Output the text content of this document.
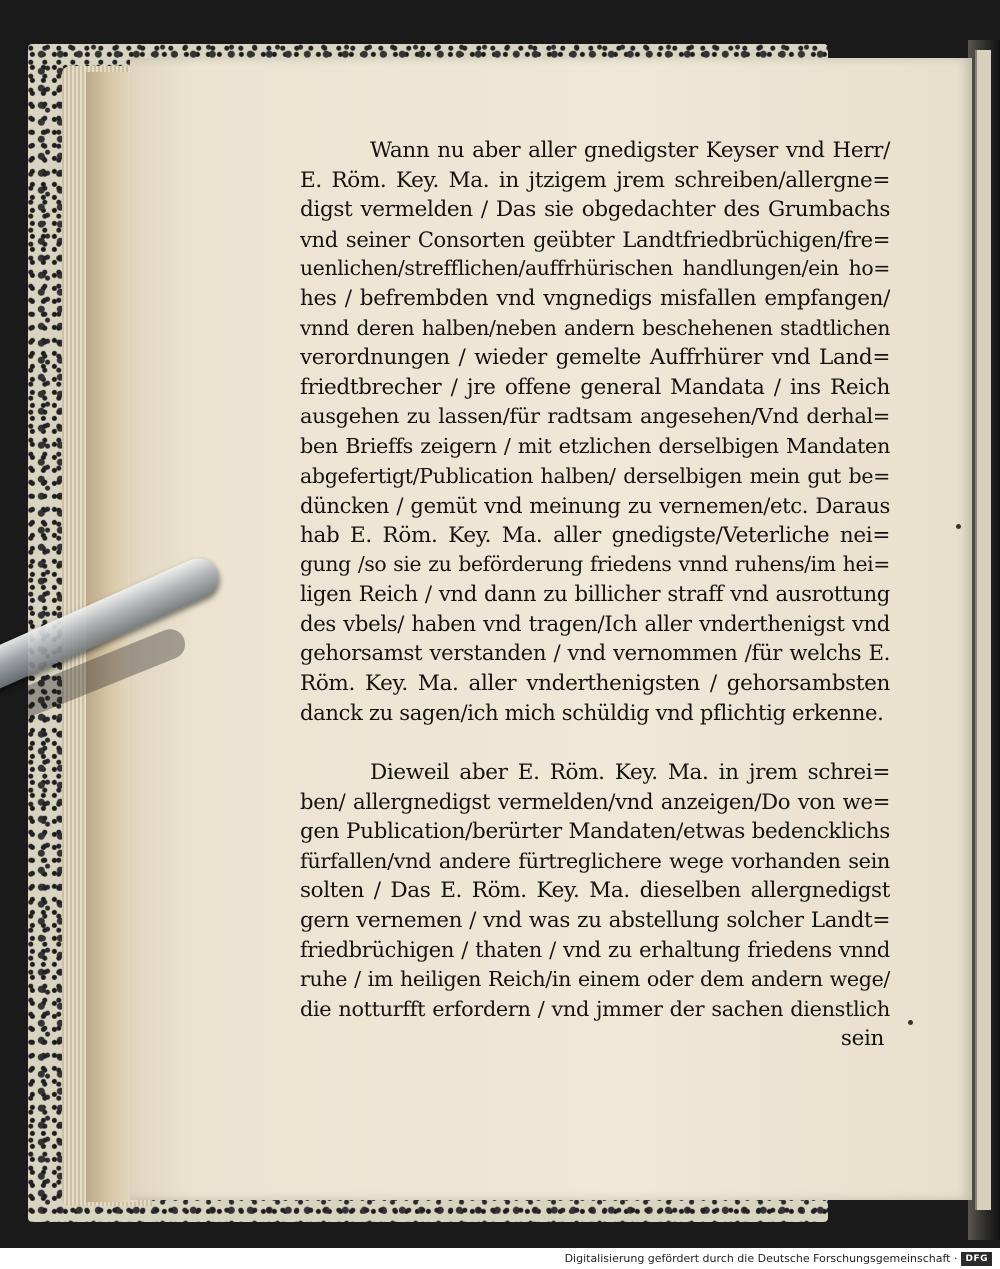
Wann nu aber aller gnedigster Keyser vnd Herr/
E. Röm. Key. Ma. in jtzigem jrem schreiben/allergne=
digst vermelden / Das sie obgedachter des Grumbachs
vnd seiner Consorten geübter Landtfriedbrüchigen/fre=
uenlichen/strefflichen/auffrhürischen handlungen/ein ho=
hes / befrembden vnd vngnedigs misfallen empfangen/
vnnd deren halben/neben andern beschehenen stadtlichen
verordnungen / wieder gemelte Auffrhürer vnd Land=
friedtbrecher / jre offene general Mandata / ins Reich
ausgehen zu lassen/für radtsam angesehen/Vnd derhal=
ben Brieffs zeigern / mit etzlichen derselbigen Mandaten
abgefertigt/Publication halben/ derselbigen mein gut be=
düncken / gemüt vnd meinung zu vernemen/etc. Daraus
hab E. Röm. Key. Ma. aller gnedigste/Veterliche nei=
gung /so sie zu beförderung friedens vnnd ruhens/im hei=
ligen Reich / vnd dann zu billicher straff vnd ausrottung
des vbels/ haben vnd tragen/Ich aller vnderthenigst vnd
gehorsamst verstanden / vnd vernommen /für welchs E.
Röm. Key. Ma. aller vnderthenigsten / gehorsambsten
danck zu sagen/ich mich schüldig vnd pflichtig erkenne.
Dieweil aber E. Röm. Key. Ma. in jrem schrei=
ben/ allergnedigst vermelden/vnd anzeigen/Do von we=
gen Publication/berürter Mandaten/etwas bedencklichs
fürfallen/vnd andere fürtreglichere wege vorhanden sein
solten / Das E. Röm. Key. Ma. dieselben allergnedigst
gern vernemen / vnd was zu abstellung solcher Landt=
friedbrüchigen / thaten / vnd zu erhaltung friedens vnnd
ruhe / im heiligen Reich/in einem oder dem andern wege/
die notturfft erfordern / vnd jmmer der sachen dienstlich
sein
Digitalisierung gefördert durch die Deutsche Forschungsgemeinschaft · DFG
